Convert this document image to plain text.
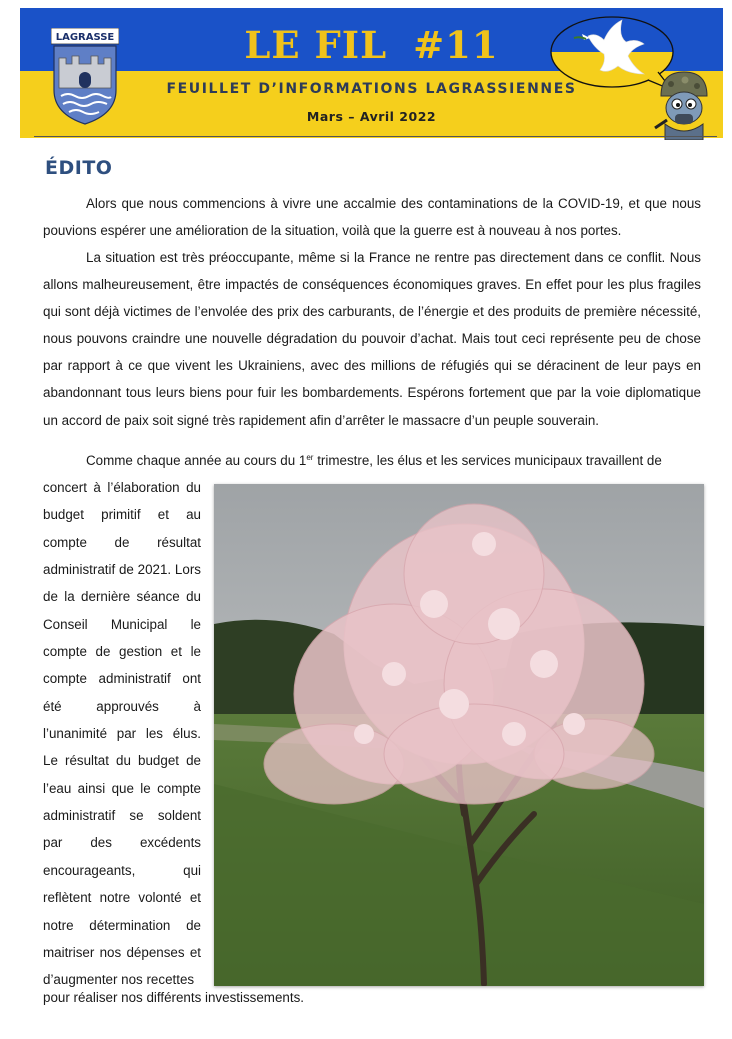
LAGRASSE	LE FIL #11
FEUILLET D’INFORMATIONS LAGRASSIENNES
Mars – Avril 2022
ÉDITO

Alors que nous commencions à vivre une accalmie des contaminations de la COVID-19, et que nous pouvions espérer une amélioration de la situation, voilà que la guerre est à nouveau à nos portes.

La situation est très préoccupante, même si la France ne rentre pas directement dans ce conflit. Nous allons malheureusement, être impactés de conséquences économiques graves. En effet pour les plus fragiles qui sont déjà victimes de l’envolée des prix des carburants, de l’énergie et des produits de première nécessité, nous pouvons craindre une nouvelle dégradation du pouvoir d’achat. Mais tout ceci représente peu de chose par rapport à ce que vivent les Ukrainiens, avec des millions de réfugiés qui se déracinent de leur pays en abandonnant tous leurs biens pour fuir les bombardements. Espérons fortement que par la voie diplomatique un accord de paix soit signé très rapidement afin d’arrêter le massacre d’un peuple souverain.

Comme chaque année au cours du 1er trimestre, les élus et les services municipaux travaillent de

concert à l’élaboration du budget primitif et au compte de résultat administratif de 2021. Lors de la dernière séance du Conseil Municipal le compte de gestion et le compte administratif ont été approuvés à l’unanimité par les élus. Le résultat du budget de l’eau ainsi que le compte administratif se soldent par des excédents encourageants, qui reflètent notre volonté et notre détermination de maitriser nos dépenses et d’augmenter nos recettes

pour réaliser nos différents investissements.
